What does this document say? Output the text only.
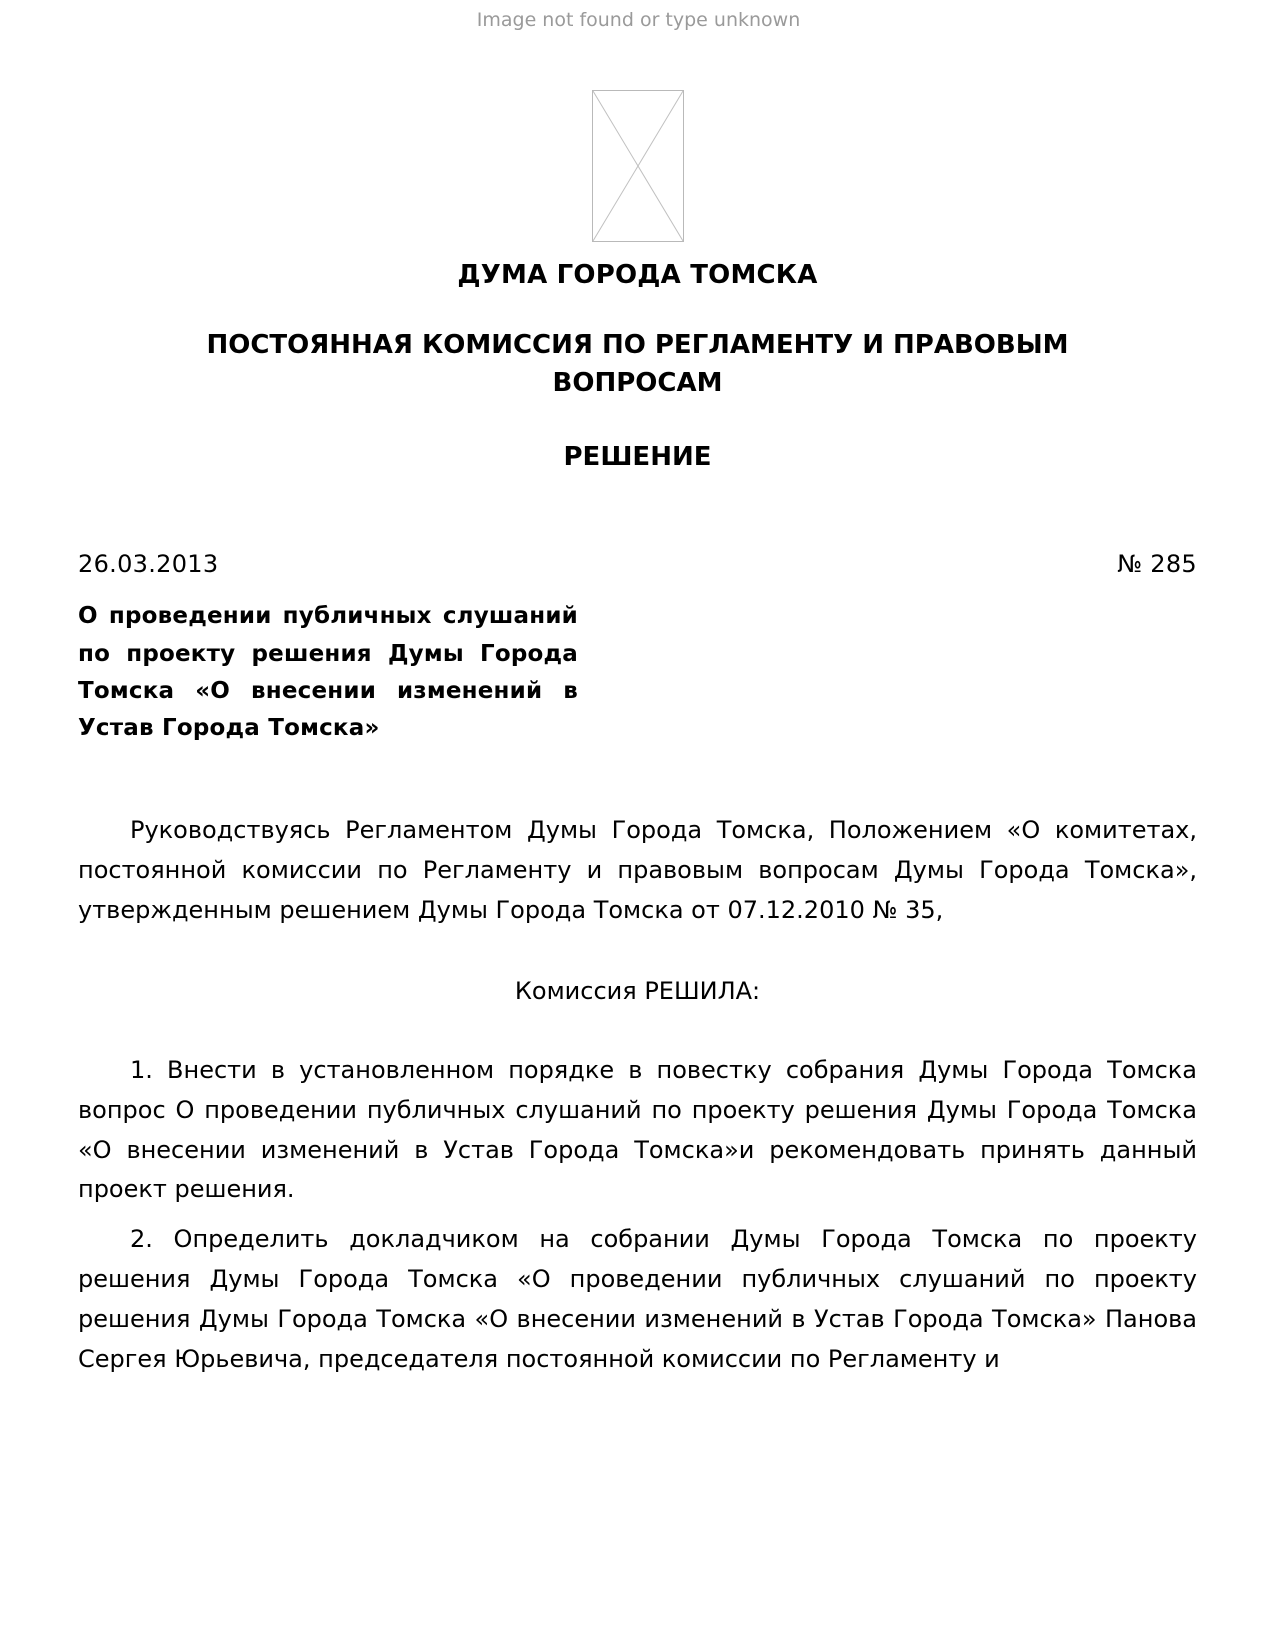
Image not found or type unknown
ДУМА ГОРОДА ТОМСКА
ПОСТОЯННАЯ КОМИССИЯ ПО РЕГЛАМЕНТУ И ПРАВОВЫМ ВОПРОСАМ
РЕШЕНИЕ
26.03.2013	№ 285
О проведении публичных слушаний по проекту решения Думы Города Томска «О внесении изменений в Устав Города Томска»
Руководствуясь Регламентом Думы Города Томска, Положением «О комитетах, постоянной комиссии по Регламенту и правовым вопросам Думы Города Томска», утвержденным решением Думы Города Томска от 07.12.2010 № 35,
Комиссия РЕШИЛА:
1. Внести в установленном порядке в повестку собрания Думы Города Томска вопрос О проведении публичных слушаний по проекту решения Думы Города Томска «О внесении изменений в Устав Города Томска»и рекомендовать принять данный проект решения.
2. Определить докладчиком на собрании Думы Города Томска по проекту решения Думы Города Томска «О проведении публичных слушаний по проекту решения Думы Города Томска «О внесении изменений в Устав Города Томска» Панова Сергея Юрьевича, председателя постоянной комиссии по Регламенту и
